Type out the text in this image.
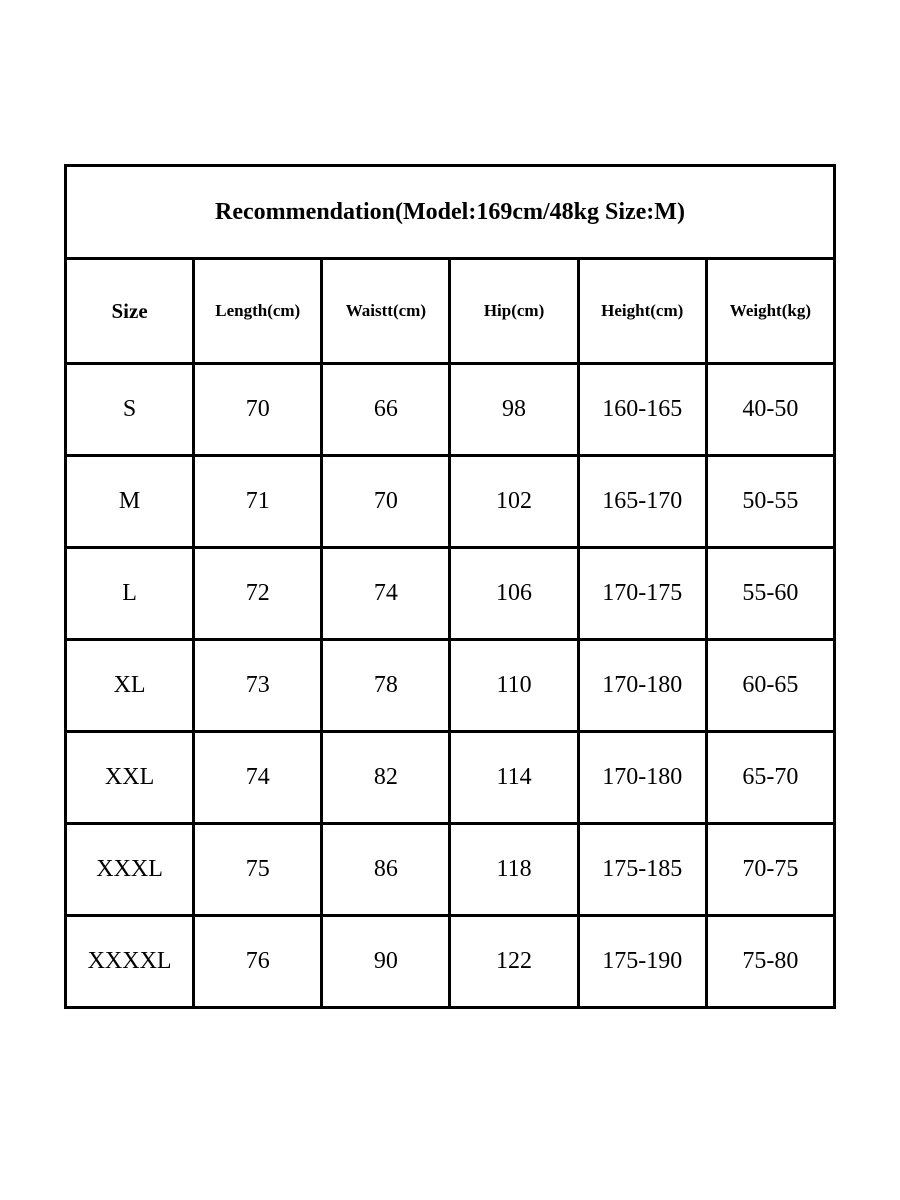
Recommendation(Model:169cm/48kg Size:M)					
Size	Length(cm)	Waistt(cm)	Hip(cm)	Height(cm)	Weight(kg)
S	70	66	98	160-165	40-50
M	71	70	102	165-170	50-55
L	72	74	106	170-175	55-60
XL	73	78	110	170-180	60-65
XXL	74	82	114	170-180	65-70
XXXL	75	86	118	175-185	70-75
XXXXL	76	90	122	175-190	75-80
